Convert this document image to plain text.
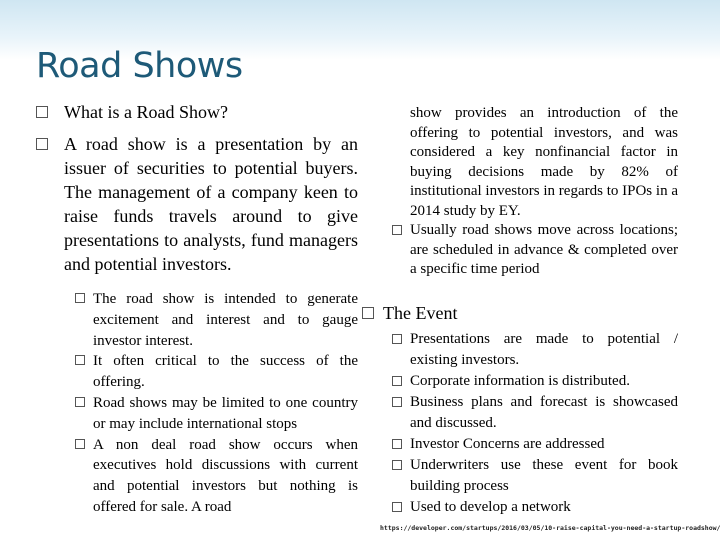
Road Shows
What is a Road Show?
A road show is a presentation by an issuer of securities to potential buyers. The management of a company keen to raise funds travels around to give presentations to analysts, fund managers and potential investors.
The road show is intended to generate excitement and interest and to gauge investor interest.
It often critical to the success of the offering.
Road shows may be limited to one country or may include international stops
A non deal road show occurs when executives hold discussions with current and potential investors but nothing is offered for sale. A road
show provides an introduction of the offering to potential investors, and was considered a key nonfinancial factor in buying decisions made by 82% of institutional investors in regards to IPOs in a 2014 study by EY.
Usually road shows move across locations; are scheduled in advance & completed over a specific time period
The Event
Presentations are made to potential / existing investors.
Corporate information is distributed.
Business plans and forecast is showcased and discussed.
Investor Concerns are addressed
Underwriters use these event for book building process
Used to develop a network
https://developer.com/startups/2016/03/05/10-raise-capital-you-need-a-startup-roadshow/
